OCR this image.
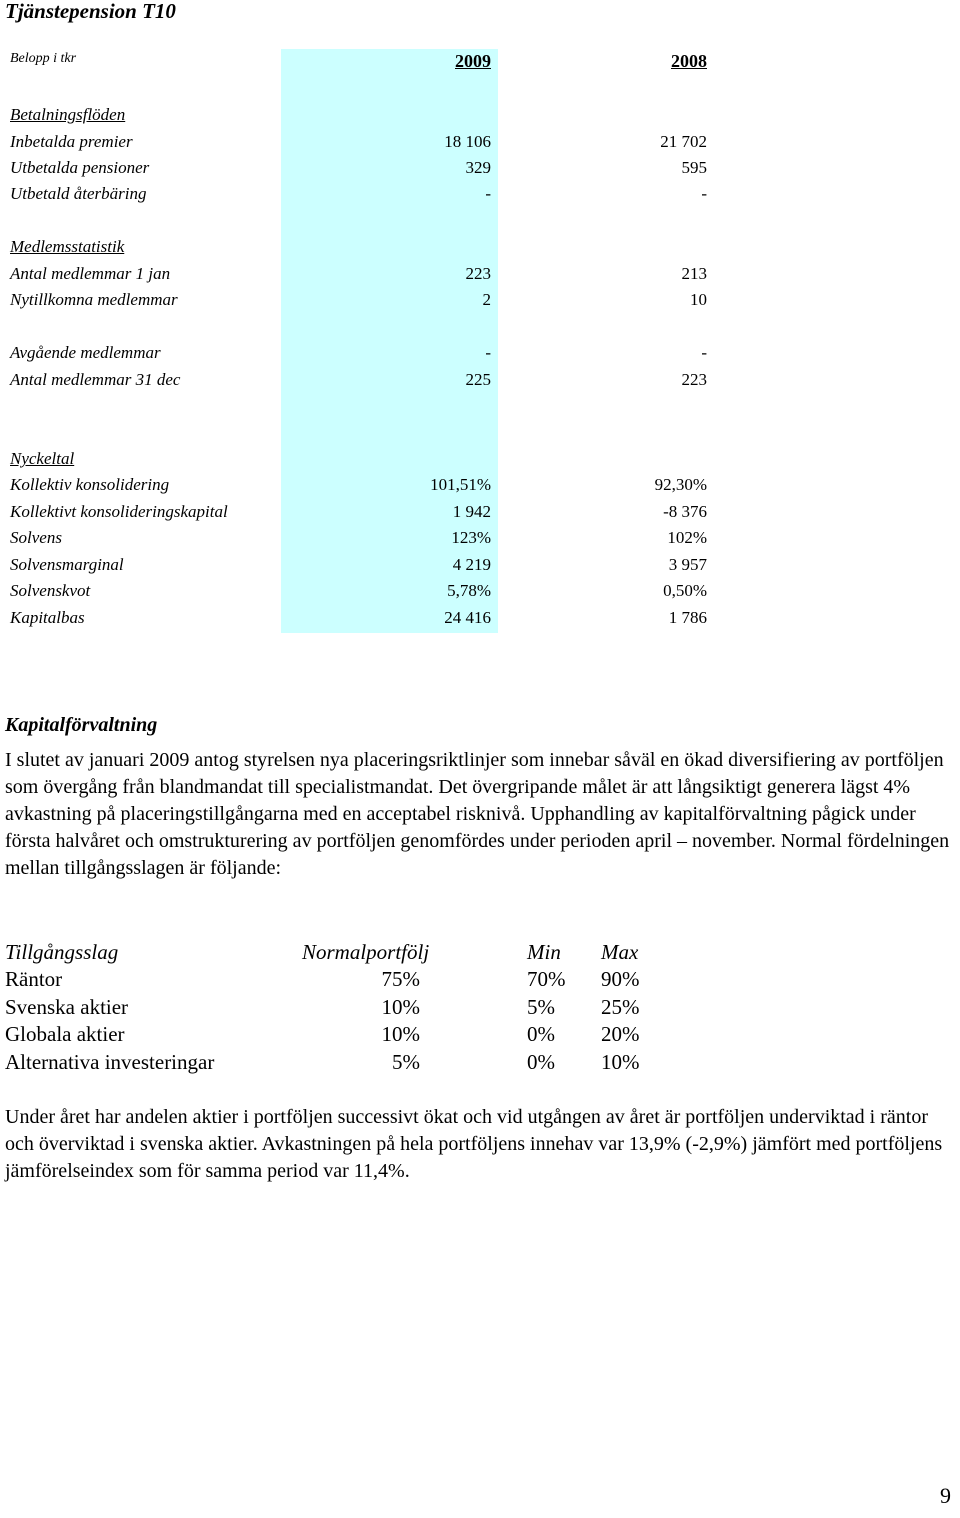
Tjänstepension T10
Belopp i tkr	2009	2008
Betalningsflöden
Inbetalda premier	18 106	21 702
Utbetalda pensioner	329	595
Utbetald återbäring	-	-
Medlemsstatistik
Antal medlemmar 1 jan	223	213
Nytillkomna medlemmar	2	10
Avgående medlemmar	-	-
Antal medlemmar 31 dec	225	223
Nyckeltal
Kollektiv konsolidering	101,51%	92,30%
Kollektivt konsolideringskapital	1 942	-8 376
Solvens	123%	102%
Solvensmarginal	4 219	3 957
Solvenskvot	5,78%	0,50%
Kapitalbas	24 416	1 786
Kapitalförvaltning
I slutet av januari 2009 antog styrelsen nya placeringsriktlinjer som innebar såväl en ökad diversifiering av portföljen som övergång från blandmandat till specialistmandat. Det övergripande målet är att långsiktigt generera lägst 4% avkastning på placeringstillgångarna med en acceptabel risknivå. Upphandling av kapitalförvaltning pågick under första halvåret och omstrukturering av portföljen genomfördes under perioden april – november. Normal fördelningen mellan tillgångsslagen är följande:
Tillgångsslag	Normalportfölj	Min Max
Räntor	75%	70% 90%
Svenska aktier	10%	5% 25%
Globala aktier	10%	0% 20%
Alternativa investeringar	5%	0% 10%
Under året har andelen aktier i portföljen successivt ökat och vid utgången av året är portföljen underviktad i räntor och överviktad i svenska aktier. Avkastningen på hela portföljens innehav var 13,9% (-2,9%) jämfört med portföljens jämförelseindex som för samma period var 11,4%.
9
